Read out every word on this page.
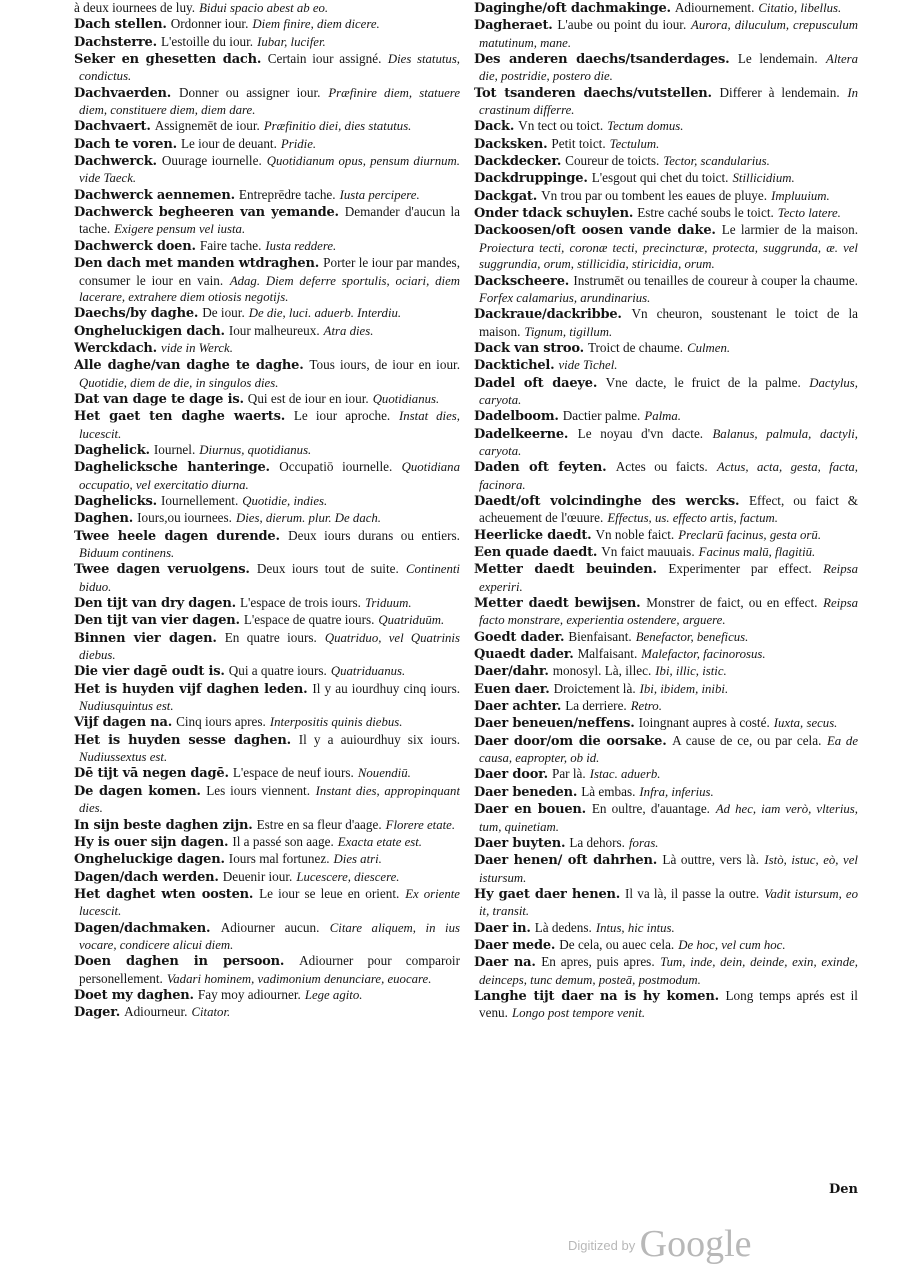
à deux iournees de luy. Bidui spacio abest ab eo.

Dach stellen. Ordonner iour. Diem finire, diem dicere.

Dachsterre. L'estoille du iour. Iubar, lucifer.

Seker en ghesetten dach. Certain iour assigné. Dies statutus, condictus.

Dachvaerden. Donner ou assigner iour. Præfinire diem, statuere diem, constituere diem, diem dare.

Dachvaert. Assignemēt de iour. Præfinitio diei, dies statutus.

Dach te voren. Le iour de deuant. Pridie.

Dachwerck. Ouurage iournelle. Quotidianum opus, pensum diurnum. vide Taeck.

Dachwerck aennemen. Entreprēdre tache. Iusta percipere.

Dachwerck begheeren van yemande. Demander d'aucun la tache. Exigere pensum vel iusta.

Dachwerck doen. Faire tache. Iusta reddere.

Den dach met manden wtdraghen. Porter le iour par mandes, consumer le iour en vain. Adag. Diem deferre sportulis, ociari, diem lacerare, extrahere diem otiosis negotijs.

Daechs/by daghe. De iour. De die, luci. aduerb. Interdiu.

Ongheluckigen dach. Iour malheureux. Atra dies.

Werckdach. vide in Werck.

Alle daghe/van daghe te daghe. Tous iours, de iour en iour. Quotidie, diem de die, in singulos dies.

Dat van dage te dage is. Qui est de iour en iour. Quotidianus.

Het gaet ten daghe waerts. Le iour aproche. Instat dies, lucescit.

Daghelick. Iournel. Diurnus, quotidianus.

Daghelicksche hanteringe. Occupatiō iournelle. Quotidiana occupatio, vel exercitatio diurna.

Daghelicks. Iournellement. Quotidie, indies.

Daghen. Iours,ou iournees. Dies, dierum. plur. De dach.

Twee heele dagen durende. Deux iours durans ou entiers. Biduum continens.

Twee dagen veruolgens. Deux iours tout de suite. Continenti biduo.

Den tijt van dry dagen. L'espace de trois iours. Triduum.

Den tijt van vier dagen. L'espace de quatre iours. Quatriduūm.

Binnen vier dagen. En quatre iours. Quatriduo, vel Quatrinis diebus.

Die vier dagē oudt is. Qui a quatre iours. Quatriduanus.

Het is huyden vijf daghen leden. Il y au iourdhuy cinq iours. Nudiusquintus est.

Vijf dagen na. Cinq iours apres. Interpositis quinis diebus.

Het is huyden sesse daghen. Il y a auiourdhuy six iours. Nudiussextus est.

Dē tijt vā negen dagē. L'espace de neuf iours. Nouendiū.

De dagen komen. Les iours viennent. Instant dies, appropinquant dies.

In sijn beste daghen zijn. Estre en sa fleur d'aage. Florere etate.

Hy is ouer sijn dagen. Il a passé son aage. Exacta etate est.

Ongheluckige dagen. Iours mal fortunez. Dies atri.

Dagen/dach werden. Deuenir iour. Lucescere, diescere.

Het daghet wten oosten. Le iour se leue en orient. Ex oriente lucescit.

Dagen/dachmaken. Adiourner aucun. Citare aliquem, in ius vocare, condicere alicui diem.

Doen daghen in persoon. Adiourner pour comparoir personellement. Vadari hominem, vadimonium denunciare, euocare.

Doet my daghen. Fay moy adiourner. Lege agito.

Dager. Adiourneur. Citator.

Daginghe/oft dachmakinge. Adiournement. Citatio, libellus.

Dagheraet. L'aube ou point du iour. Aurora, diluculum, crepusculum matutinum, mane.

Des anderen daechs/tsanderdages. Le lendemain. Altera die, postridie, postero die.

Tot tsanderen daechs/vutstellen. Differer à lendemain. In crastinum differre.

Dack. Vn tect ou toict. Tectum domus.

Dacksken. Petit toict. Tectulum.

Dackdecker. Coureur de toicts. Tector, scandularius.

Dackdruppinge. L'esgout qui chet du toict. Stillicidium.

Dackgat. Vn trou par ou tombent les eaues de pluye. Impluuium.

Onder tdack schuylen. Estre caché soubs le toict. Tecto latere.

Dackoosen/oft oosen vande dake. Le larmier de la maison. Proiectura tecti, coronæ tecti, precincturæ, protecta, suggrunda, æ. vel suggrundia, orum, stillicidia, stiricidia, orum.

Dackscheere. Instrumēt ou tenailles de coureur à couper la chaume. Forfex calamarius, arundinarius.

Dackraue/dackribbe. Vn cheuron, soustenant le toict de la maison. Tignum, tigillum.

Dack van stroo. Troict de chaume. Culmen.

Dacktichel. vide Tichel.

Dadel oft daeye. Vne dacte, le fruict de la palme. Dactylus, caryota.

Dadelboom. Dactier palme. Palma.

Dadelkeerne. Le noyau d'vn dacte. Balanus, palmula, dactyli, caryota.

Daden oft feyten. Actes ou faicts. Actus, acta, gesta, facta, facinora.

Daedt/oft volcindinghe des wercks. Effect, ou faict & acheuement de l'œuure. Effectus, us. effecto artis, factum.

Heerlicke daedt. Vn noble faict. Preclarū facinus, gesta orū.

Een quade daedt. Vn faict mauuais. Facinus malū, flagitiū.

Metter daedt beuinden. Experimenter par effect. Reipsa experiri.

Metter daedt bewijsen. Monstrer de faict, ou en effect. Reipsa facto monstrare, experientia ostendere, arguere.

Goedt dader. Bienfaisant. Benefactor, beneficus.

Quaedt dader. Malfaisant. Malefactor, facinorosus.

Daer/dahr. monosyl. Là, illec. Ibi, illic, istic.

Euen daer. Droictement là. Ibi, ibidem, inibi.

Daer achter. La derriere. Retro.

Daer beneuen/neffens. Ioingnant aupres à costé. Iuxta, secus.

Daer door/om die oorsake. A cause de ce, ou par cela. Ea de causa, eapropter, ob id.

Daer door. Par là. Istac. aduerb.

Daer beneden. Là embas. Infra, inferius.

Daer en bouen. En oultre, d'auantage. Ad hec, iam verò, vlterius, tum, quinetiam.

Daer buyten. La dehors. foras.

Daer henen/ oft dahrhen. Là outtre, vers là. Istò, istuc, eò, vel istursum.

Hy gaet daer henen. Il va là, il passe la outre. Vadit istursum, eo it, transit.

Daer in. Là dedens. Intus, hic intus.

Daer mede. De cela, ou auec cela. De hoc, vel cum hoc.

Daer na. En apres, puis apres. Tum, inde, dein, deinde, exin, exinde, deinceps, tunc demum, posteā, postmodum.

Langhe tijt daer na is hy komen. Long temps aprés est il venu. Longo post tempore venit.

Den
$^{Digitized by}$ Google
